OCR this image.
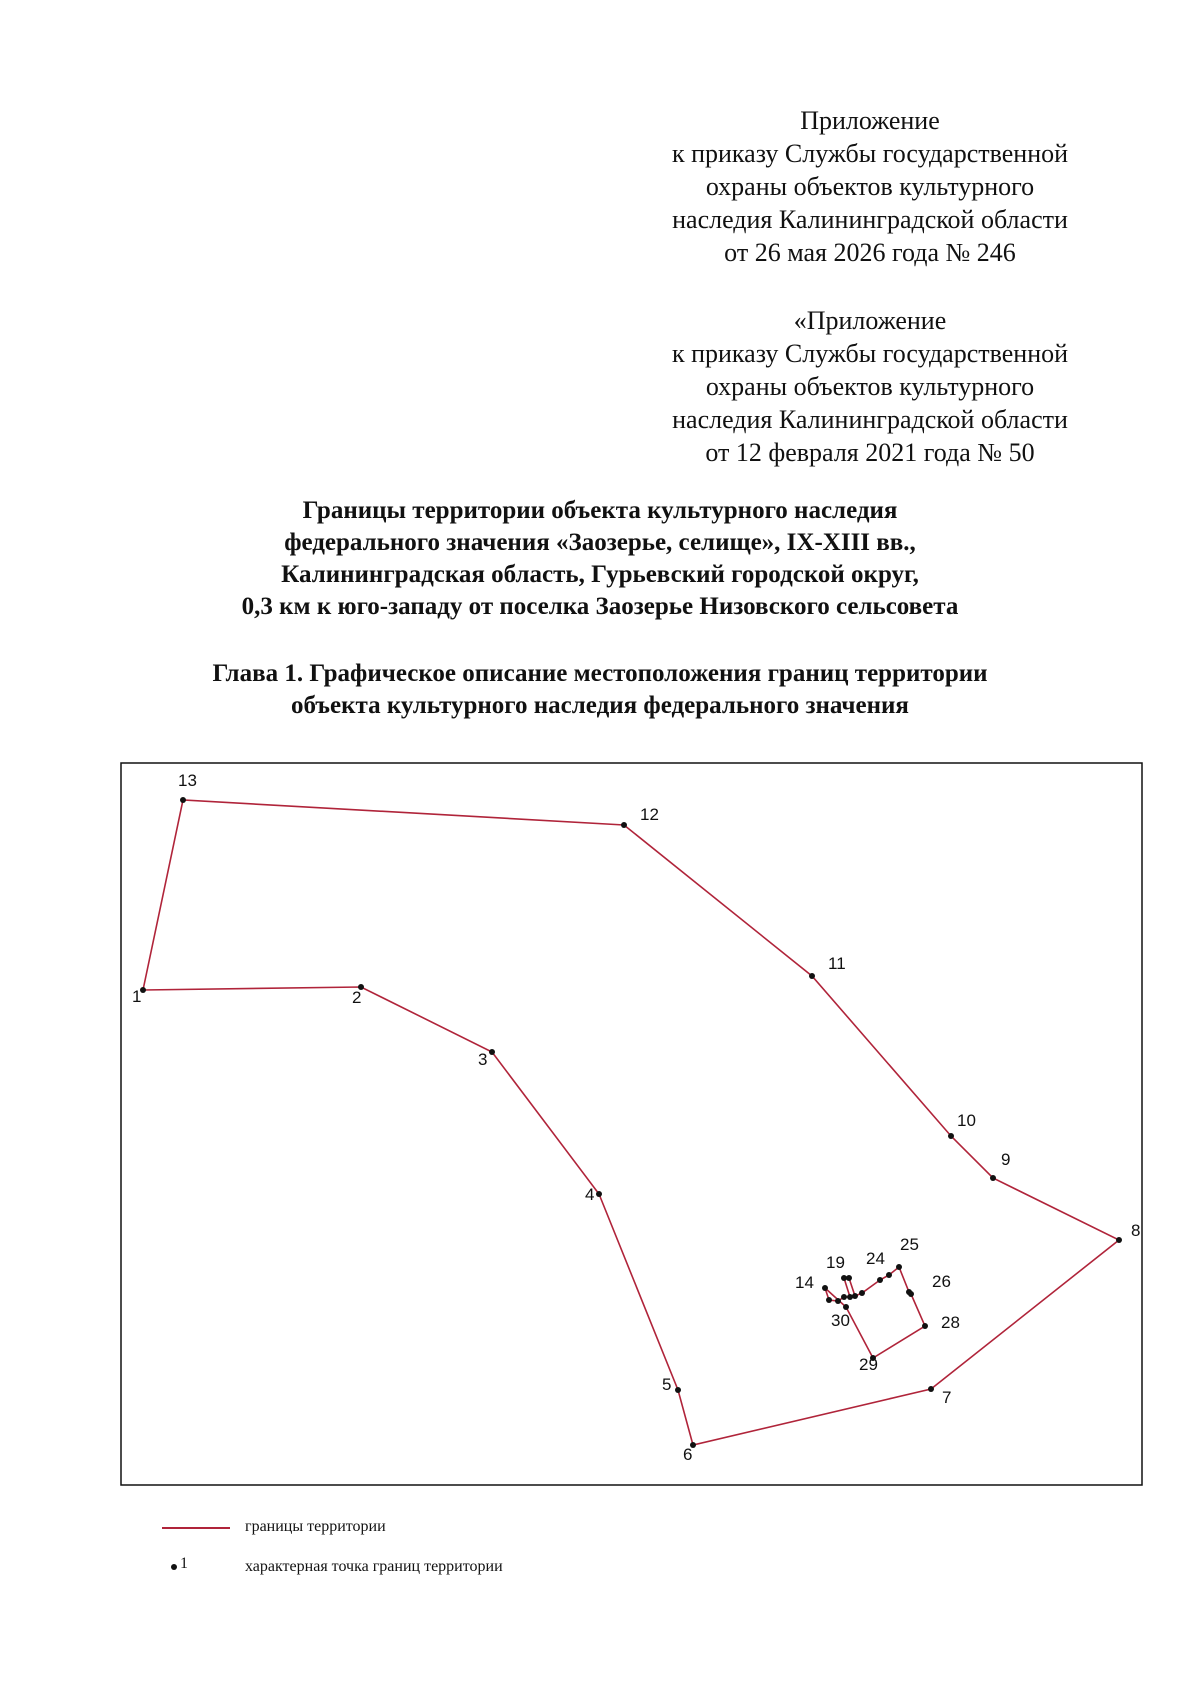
Приложение
к приказу Службы государственной
охраны объектов культурного
наследия Калининградской области
от 26 мая 2026 года № 246
«Приложение
к приказу Службы государственной
охраны объектов культурного
наследия Калининградской области
от 12 февраля 2021 года № 50
Границы территории объекта культурного наследия
федерального значения «Заозерье, селище», IX-XIII вв.,
Калининградская область, Гурьевский городской округ,
0,3 км к юго-западу от поселка Заозерье Низовского сельсовета
Глава 1. Графическое описание местоположения границ территории
объекта культурного наследия федерального значения
1	2
3
4
5
6
7
8
9
10
11
12
13
14
19 24
25
26
28
29
30
границы территории
1	характерная точка границ территории
